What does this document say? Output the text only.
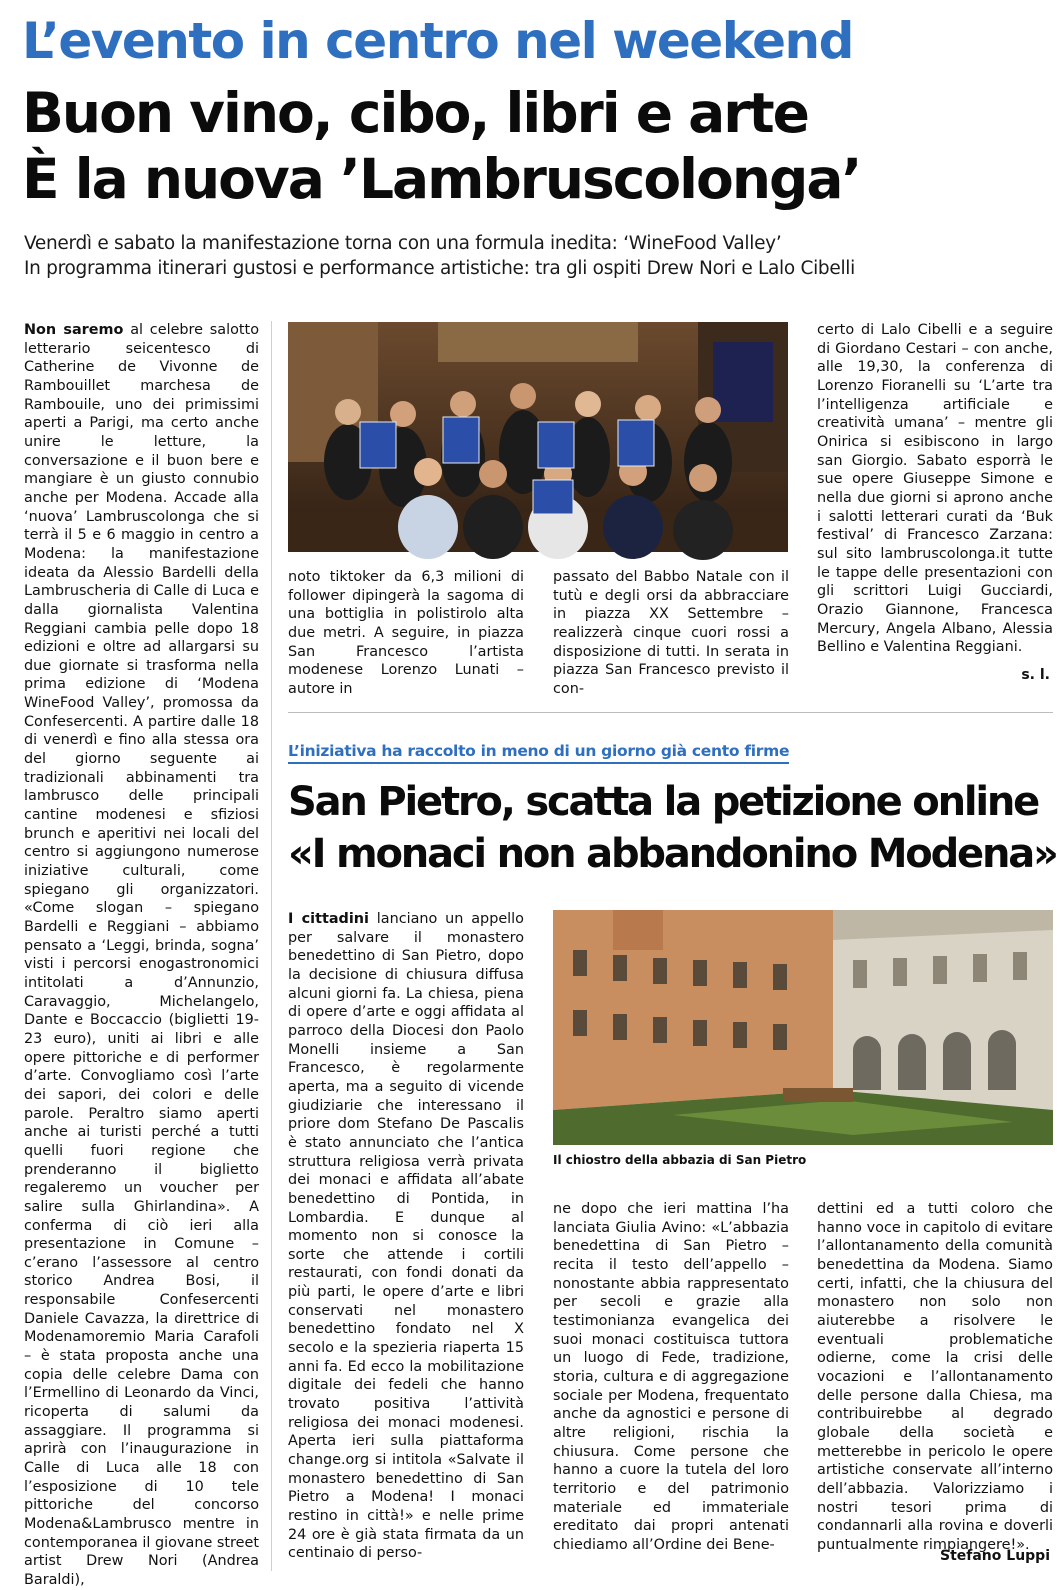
L’evento in centro nel weekend
Buon vino, cibo, libri e arte
È la nuova ’Lambruscolonga’
Venerdì e sabato la manifestazione torna con una formula inedita: ‘WineFood Valley’
In programma itinerari gustosi e performance artistiche: tra gli ospiti Drew Nori e Lalo Cibelli
Non saremo al celebre salotto letterario seicentesco di Catherine de Vivonne de Rambouillet marchesa de Rambouile, uno dei primissimi aperti a Parigi, ma certo anche unire le letture, la conversazione e il buon bere e mangiare è un giusto connubio anche per Modena. Accade alla ‘nuova’ Lambruscolonga che si terrà il 5 e 6 maggio in centro a Modena: la manifestazione ideata da Alessio Bardelli della Lambruscheria di Calle di Luca e dalla giornalista Valentina Reggiani cambia pelle dopo 18 edizioni e oltre ad allargarsi su due giornate si trasforma nella prima edizione di ‘Modena WineFood Valley’, promossa da Confesercenti. A partire dalle 18 di venerdì e fino alla stessa ora del giorno seguente ai tradizionali abbinamenti tra lambrusco delle principali cantine modenesi e sfiziosi brunch e aperitivi nei locali del centro si aggiungono numerose iniziative culturali, come spiegano gli organizzatori. «Come slogan – spiegano Bardelli e Reggiani – abbiamo pensato a ‘Leggi, brinda, sogna’ visti i percorsi enogastronomici intitolati a d’Annunzio, Caravaggio, Michelangelo, Dante e Boccaccio (biglietti 19-23 euro), uniti ai libri e alle opere pittoriche e di performer d’arte. Convogliamo così l’arte dei sapori, dei colori e delle parole. Peraltro siamo aperti anche ai turisti perché a tutti quelli fuori regione che prenderanno il biglietto regaleremo un voucher per salire sulla Ghirlandina». A conferma di ciò ieri alla presentazione in Comune – c’erano l’assessore al centro storico Andrea Bosi, il responsabile Confesercenti Daniele Cavazza, la direttrice di Modenamoremio Maria Carafoli – è stata proposta anche una copia delle celebre Dama con l’Ermellino di Leonardo da Vinci, ricoperta di salumi da assaggiare. Il programma si aprirà con l’inaugurazione in Calle di Luca alle 18 con l’esposizione di 10 tele pittoriche del concorso Modena&Lambrusco mentre in contemporanea il giovane street artist Drew Nori (Andrea Baraldi),
noto tiktoker da 6,3 milioni di follower dipingerà la sagoma di una bottiglia in polistirolo alta due metri. A seguire, in piazza San Francesco l’artista modenese Lorenzo Lunati – autore in
passato del Babbo Natale con il tutù e degli orsi da abbracciare in piazza XX Settembre – realizzerà cinque cuori rossi a disposizione di tutti. In serata in piazza San Francesco previsto il con-
certo di Lalo Cibelli e a seguire di Giordano Cestari – con anche, alle 19,30, la conferenza di Lorenzo Fioranelli su ‘L’arte tra l’intelligenza artificiale e creatività umana’ – mentre gli Onirica si esibiscono in largo san Giorgio. Sabato esporrà le sue opere Giuseppe Simone e nella due giorni si aprono anche i salotti letterari curati da ‘Buk festival’ di Francesco Zarzana: sul sito lambruscolonga.it tutte le tappe delle presentazioni con gli scrittori Luigi Gucciardi, Orazio Giannone, Francesca Mercury, Angela Albano, Alessia Bellino e Valentina Reggiani.
s. l.
L’iniziativa ha raccolto in meno di un giorno già cento firme
San Pietro, scatta la petizione online
«I monaci non abbandonino Modena»
I cittadini lanciano un appello per salvare il monastero benedettino di San Pietro, dopo la decisione di chiusura diffusa alcuni giorni fa. La chiesa, piena di opere d’arte e oggi affidata al parroco della Diocesi don Paolo Monelli insieme a San Francesco, è regolarmente aperta, ma a seguito di vicende giudiziarie che interessano il priore dom Stefano De Pascalis è stato annunciato che l’antica struttura religiosa verrà privata dei monaci e affidata all’abate benedettino di Pontida, in Lombardia. E dunque al momento non si conosce la sorte che attende i cortili restaurati, con fondi donati da più parti, le opere d’arte e libri conservati nel monastero benedettino fondato nel X secolo e la spezieria riaperta 15 anni fa. Ed ecco la mobilitazione digitale dei fedeli che hanno trovato positiva l’attività religiosa dei monaci modenesi. Aperta ieri sulla piattaforma change.org si intitola «Salvate il monastero benedettino di San Pietro a Modena! I monaci restino in città!» e nelle prime 24 ore è già stata firmata da un centinaio di perso-
Il chiostro della abbazia di San Pietro
ne dopo che ieri mattina l’ha lanciata Giulia Avino: «L’abbazia benedettina di San Pietro – recita il testo dell’appello – nonostante abbia rappresentato per secoli e grazie alla testimonianza evangelica dei suoi monaci costituisca tuttora un luogo di Fede, tradizione, storia, cultura e di aggregazione sociale per Modena, frequentato anche da agnostici e persone di altre religioni, rischia la chiusura. Come persone che hanno a cuore la tutela del loro territorio e del patrimonio materiale ed immateriale ereditato dai propri antenati chiediamo all’Ordine dei Bene-
dettini ed a tutti coloro che hanno voce in capitolo di evitare l’allontanamento della comunità benedettina da Modena. Siamo certi, infatti, che la chiusura del monastero non solo non aiuterebbe a risolvere le eventuali problematiche odierne, come la crisi delle vocazioni e l’allontanamento delle persone dalla Chiesa, ma contribuirebbe al degrado globale della società e metterebbe in pericolo le opere artistiche conservate all’interno dell’abbazia. Valorizziamo i nostri tesori prima di condannarli alla rovina e doverli puntualmente rimpiangere!».
Stefano Luppi
